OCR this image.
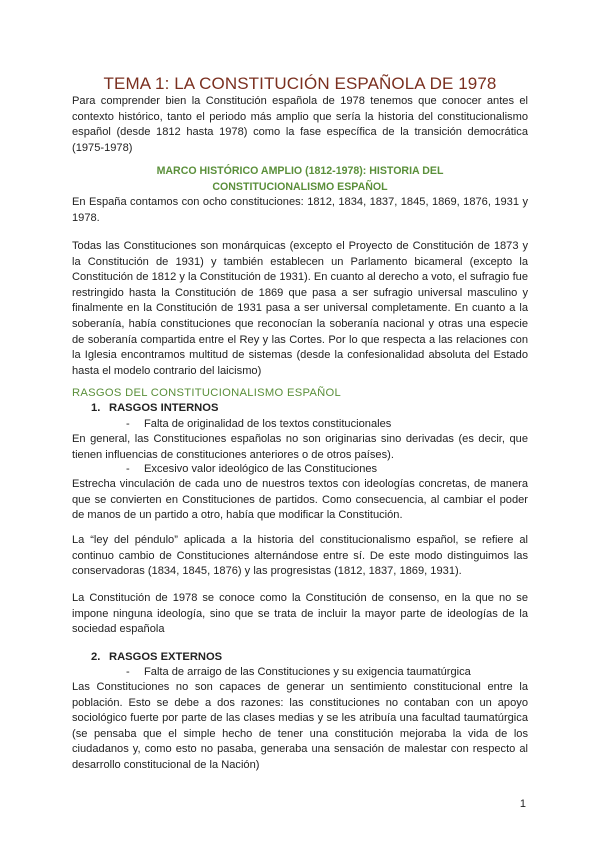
TEMA 1: LA CONSTITUCIÓN ESPAÑOLA DE 1978

Para comprender bien la Constitución española de 1978 tenemos que conocer antes el contexto histórico, tanto el periodo más amplio que sería la historia del constitucionalismo español (desde 1812 hasta 1978) como la fase específica de la transición democrática (1975-1978)

MARCO HISTÓRICO AMPLIO (1812-1978): HISTORIA DEL CONSTITUCIONALISMO ESPAÑOL

En España contamos con ocho constituciones: 1812, 1834, 1837, 1845, 1869, 1876, 1931 y 1978.

Todas las Constituciones son monárquicas (excepto el Proyecto de Constitución de 1873 y la Constitución de 1931) y también establecen un Parlamento bicameral (excepto la Constitución de 1812 y la Constitución de 1931). En cuanto al derecho a voto, el sufragio fue restringido hasta la Constitución de 1869 que pasa a ser sufragio universal masculino y finalmente en la Constitución de 1931 pasa a ser universal completamente. En cuanto a la soberanía, había constituciones que reconocían la soberanía nacional y otras una especie de soberanía compartida entre el Rey y las Cortes. Por lo que respecta a las relaciones con la Iglesia encontramos multitud de sistemas (desde la confesionalidad absoluta del Estado hasta el modelo contrario del laicismo)

RASGOS DEL CONSTITUCIONALISMO ESPAÑOL
1. RASGOS INTERNOS
- Falta de originalidad de los textos constitucionales

En general, las Constituciones españolas no son originarias sino derivadas (es decir, que tienen influencias de constituciones anteriores o de otros países).

- Excesivo valor ideológico de las Constituciones

Estrecha vinculación de cada uno de nuestros textos con ideologías concretas, de manera que se convierten en Constituciones de partidos. Como consecuencia, al cambiar el poder de manos de un partido a otro, había que modificar la Constitución.

La “ley del péndulo” aplicada a la historia del constitucionalismo español, se refiere al continuo cambio de Constituciones alternándose entre sí. De este modo distinguimos las conservadoras (1834, 1845, 1876) y las progresistas (1812, 1837, 1869, 1931).

La Constitución de 1978 se conoce como la Constitución de consenso, en la que no se impone ninguna ideología, sino que se trata de incluir la mayor parte de ideologías de la sociedad española

2. RASGOS EXTERNOS
- Falta de arraigo de las Constituciones y su exigencia taumatúrgica

Las Constituciones no son capaces de generar un sentimiento constitucional entre la población. Esto se debe a dos razones: las constituciones no contaban con un apoyo sociológico fuerte por parte de las clases medias y se les atribuía una facultad taumatúrgica (se pensaba que el simple hecho de tener una constitución mejoraba la vida de los ciudadanos y, como esto no pasaba, generaba una sensación de malestar con respecto al desarrollo constitucional de la Nación)

1
